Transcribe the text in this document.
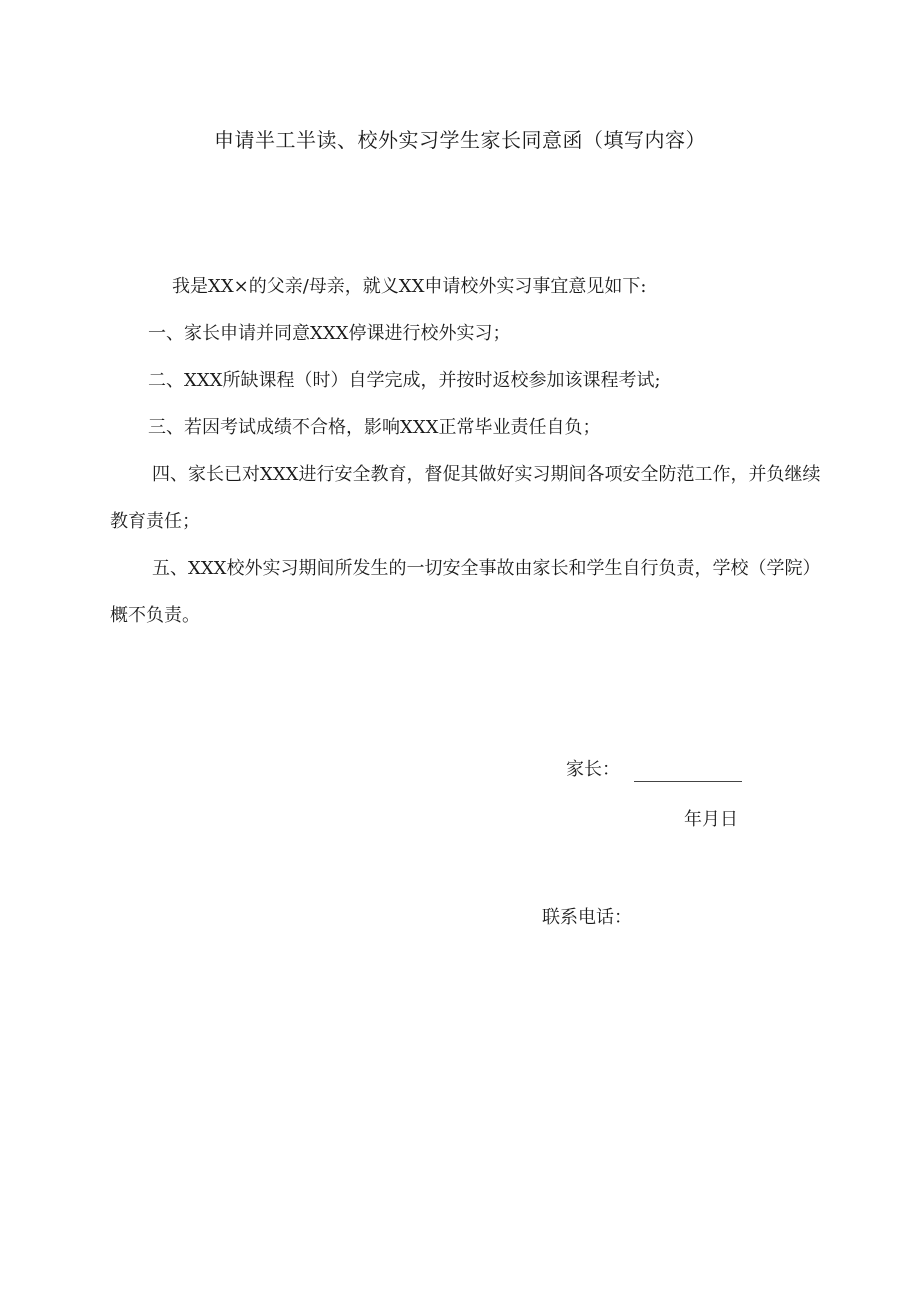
申请半工半读、校外实习学生家长同意函（填写内容）

我是XX×的父亲/母亲，就义XX申请校外实习事宜意见如下:

一、家长申请并同意XXX停课进行校外实习；

二、XXX所缺课程（时）自学完成，并按时返校参加该课程考试;

三、若因考试成绩不合格，影响XXX正常毕业责任自负；

四、家长已对XXX进行安全教育，督促其做好实习期间各项安全防范工作，并负继续教育责任；

五、XXX校外实习期间所发生的一切安全事故由家长和学生自行负责，学校（学院）概不负责。

家长：
年月日
联系电话：
